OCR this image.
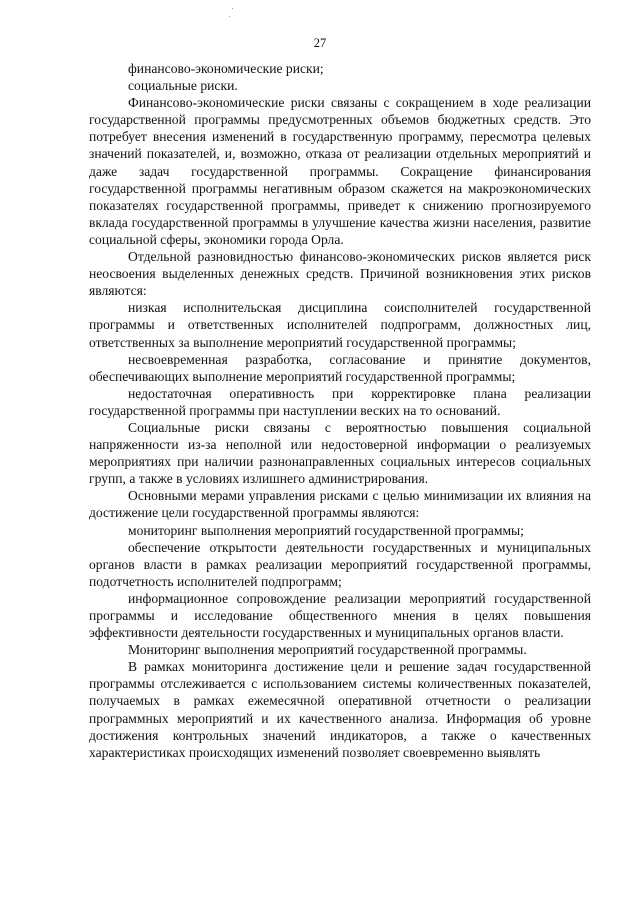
27

финансово-экономические риски;

социальные риски.

Финансово-экономические риски связаны с сокращением в ходе реализации государственной программы предусмотренных объемов бюджетных средств. Это потребует внесения изменений в государственную программу, пересмотра целевых значений показателей, и, возможно, отказа от реализации отдельных мероприятий и даже задач государственной программы. Сокращение финансирования государственной программы негативным образом скажется на макроэкономических показателях государственной программы, приведет к снижению прогнозируемого вклада государственной программы в улучшение качества жизни населения, развитие социальной сферы, экономики города Орла.

Отдельной разновидностью финансово-экономических рисков является риск неосвоения выделенных денежных средств. Причиной возникновения этих рисков являются:

низкая исполнительская дисциплина соисполнителей государственной программы и ответственных исполнителей подпрограмм, должностных лиц, ответственных за выполнение мероприятий государственной программы;

несвоевременная разработка, согласование и принятие документов, обеспечивающих выполнение мероприятий государственной программы;

недостаточная оперативность при корректировке плана реализации государственной программы при наступлении веских на то оснований.

Социальные риски связаны с вероятностью повышения социальной напряженности из-за неполной или недостоверной информации о реализуемых мероприятиях при наличии разнонаправленных социальных интересов социальных групп, а также в условиях излишнего администрирования.

Основными мерами управления рисками с целью минимизации их влияния на достижение цели государственной программы являются:

мониторинг выполнения мероприятий государственной программы;

обеспечение открытости деятельности государственных и муниципальных органов власти в рамках реализации мероприятий государственной программы, подотчетность исполнителей подпрограмм;

информационное сопровождение реализации мероприятий государственной программы и исследование общественного мнения в целях повышения эффективности деятельности государственных и муниципальных органов власти.

Мониторинг выполнения мероприятий государственной программы.

В рамках мониторинга достижение цели и решение задач государственной программы отслеживается с использованием системы количественных показателей, получаемых в рамках ежемесячной оперативной отчетности о реализации программных мероприятий и их качественного анализа. Информация об уровне достижения контрольных значений индикаторов, а также о качественных характеристиках происходящих изменений позволяет своевременно выявлять
